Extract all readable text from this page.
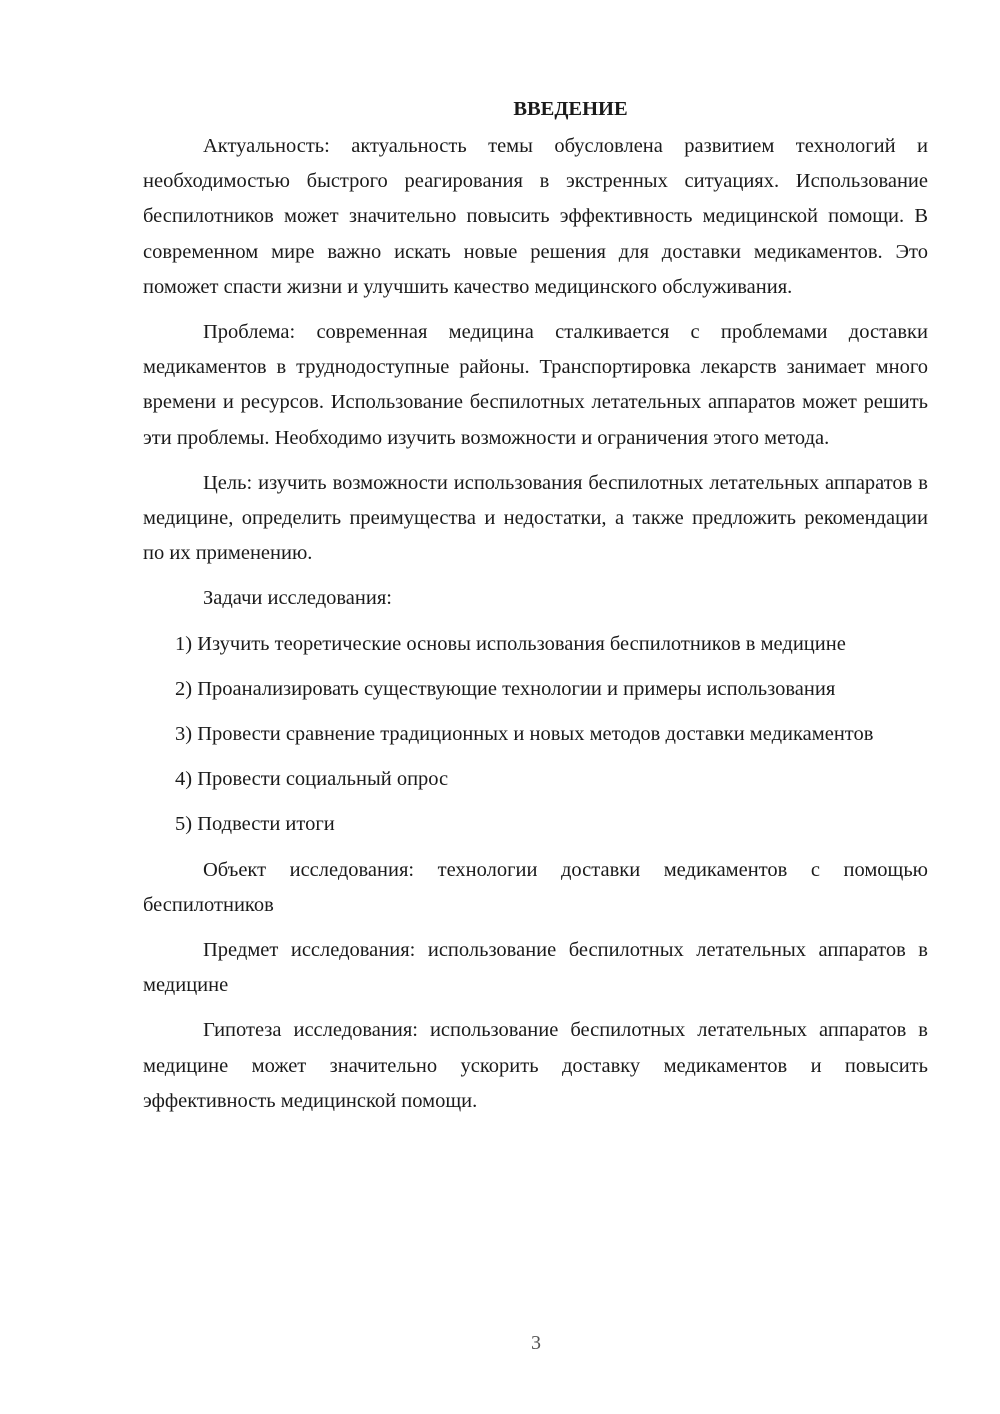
ВВЕДЕНИЕ

Актуальность: актуальность темы обусловлена развитием технологий и необходимостью быстрого реагирования в экстренных ситуациях. Использование беспилотников может значительно повысить эффективность медицинской помощи. В современном мире важно искать новые решения для доставки медикаментов. Это поможет спасти жизни и улучшить качество медицинского обслуживания.

Проблема: современная медицина сталкивается с проблемами доставки медикаментов в труднодоступные районы. Транспортировка лекарств занимает много времени и ресурсов. Использование беспилотных летательных аппаратов может решить эти проблемы. Необходимо изучить возможности и ограничения этого метода.

Цель: изучить возможности использования беспилотных летательных аппаратов в медицине, определить преимущества и недостатки, а также предложить рекомендации по их применению.

Задачи исследования:

1) Изучить теоретические основы использования беспилотников в медицине

2) Проанализировать существующие технологии и примеры использования

3) Провести сравнение традиционных и новых методов доставки медикаментов

4) Провести социальный опрос

5) Подвести итоги

Объект исследования: технологии доставки медикаментов с помощью беспилотников

Предмет исследования: использование беспилотных летательных аппаратов в медицине

Гипотеза исследования: использование беспилотных летательных аппаратов в медицине может значительно ускорить доставку медикаментов и повысить эффективность медицинской помощи.

3
